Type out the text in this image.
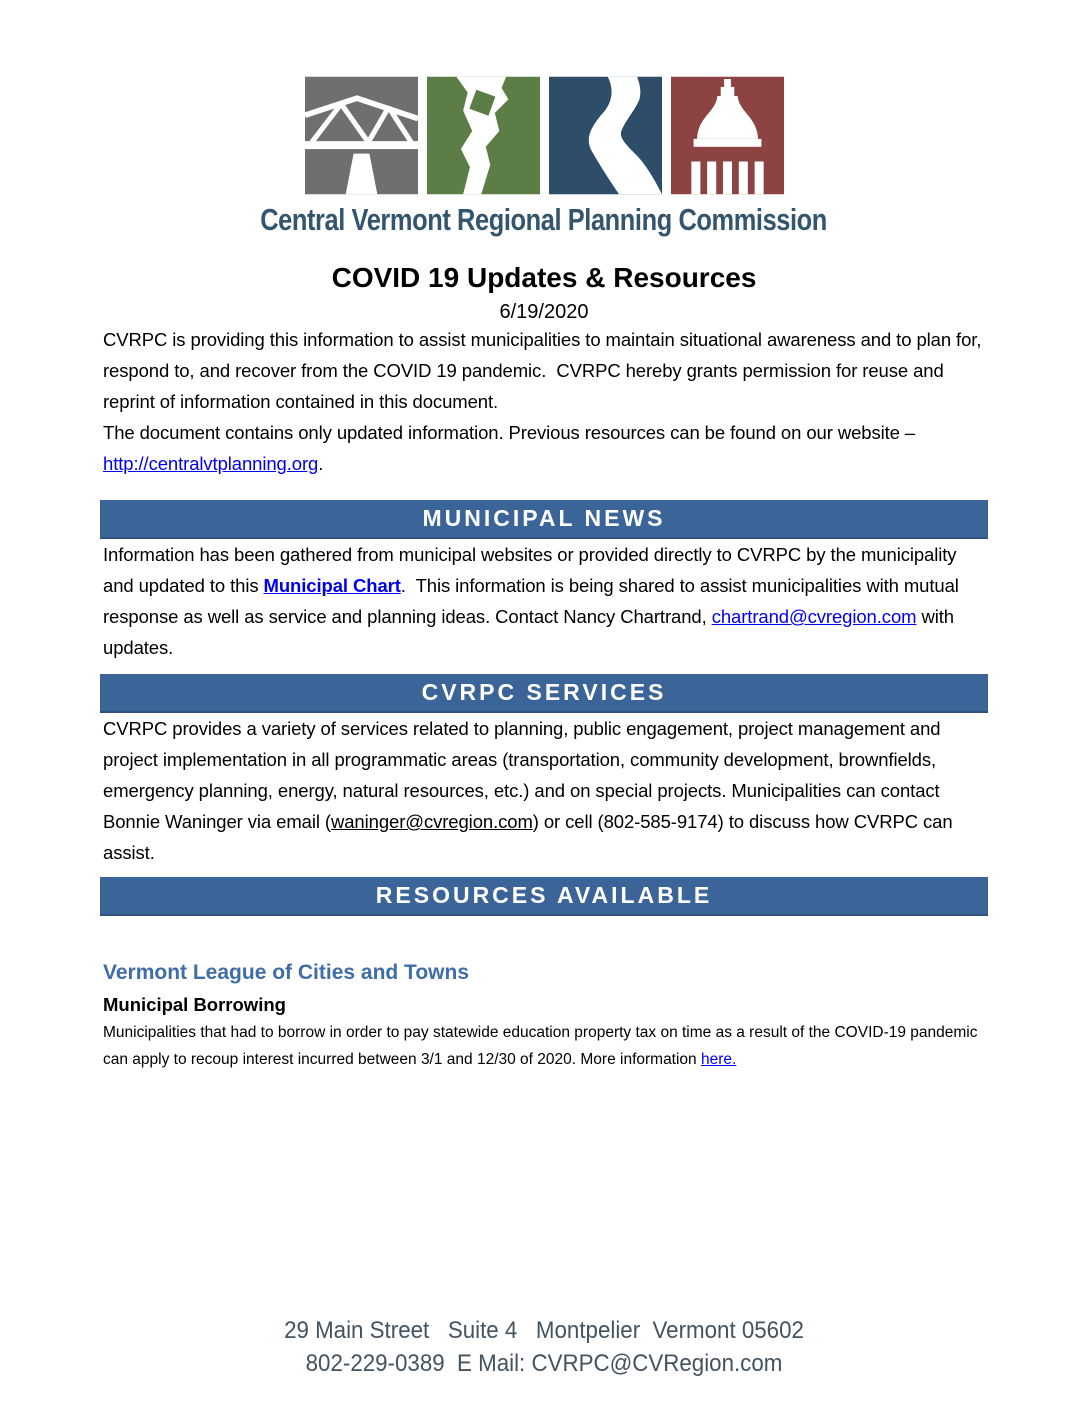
Central Vermont Regional Planning Commission
COVID 19 Updates & Resources
6/19/2020

CVRPC is providing this information to assist municipalities to maintain situational awareness and to plan for, respond to, and recover from the COVID 19 pandemic.  CVRPC hereby grants permission for reuse and reprint of information contained in this document.

The document contains only updated information. Previous resources can be found on our website – http://centralvtplanning.org.

MUNICIPAL NEWS

Information has been gathered from municipal websites or provided directly to CVRPC by the municipality and updated to this Municipal Chart.  This information is being shared to assist municipalities with mutual response as well as service and planning ideas. Contact Nancy Chartrand, chartrand@cvregion.com with updates.

CVRPC SERVICES

CVRPC provides a variety of services related to planning, public engagement, project management and project implementation in all programmatic areas (transportation, community development, brownfields, emergency planning, energy, natural resources, etc.) and on special projects. Municipalities can contact Bonnie Waninger via email (waninger@cvregion.com) or cell (802-585-9174) to discuss how CVRPC can assist.

RESOURCES AVAILABLE
Vermont League of Cities and Towns
Municipal Borrowing

Municipalities that had to borrow in order to pay statewide education property tax on time as a result of the COVID-19 pandemic can apply to recoup interest incurred between 3/1 and 12/30 of 2020. More information here.

29 Main Street   Suite 4   Montpelier  Vermont 05602
802-229-0389  E Mail: CVRPC@CVRegion.com
